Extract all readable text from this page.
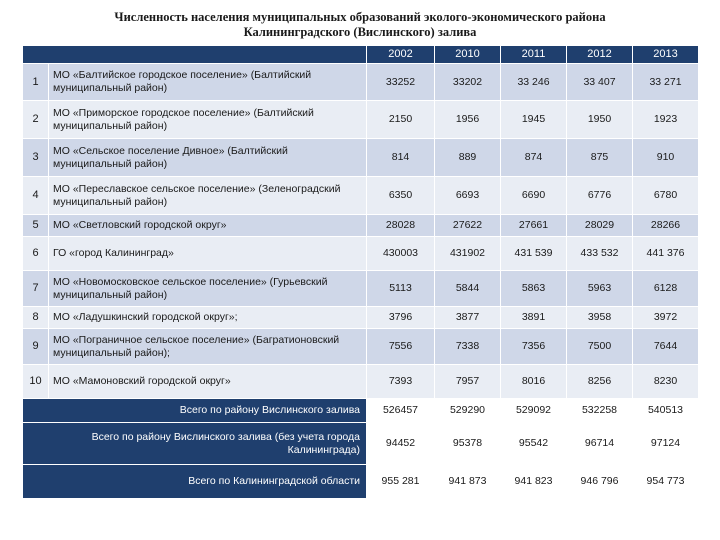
Численность населения муниципальных образований эколого-экономического района
Калининградского (Вислинского) залива
		2002	2010	2011	2012	2013
1	МО «Балтийское городское поселение» (Балтийский муниципальный район)	33252	33202	33 246	33 407	33 271
2	МО «Приморское городское поселение» (Балтийский муниципальный район)	2150	1956	1945	1950	1923
3	МО «Сельское поселение Дивное» (Балтийский муниципальный район)	814	889	874	875	910
4	МО «Переславское сельское поселение» (Зеленоградский муниципальный район)	6350	6693	6690	6776	6780
5	МО «Светловский городской округ»	28028	27622	27661	28029	28266
6	ГО «город Калининград»	430003	431902	431 539	433 532	441 376
7	МО «Новомосковское сельское поселение» (Гурьевский муниципальный район)	5113	5844	5863	5963	6128
8	МО «Ладушкинский городской округ»;	3796	3877	3891	3958	3972
9	МО «Пограничное сельское поселение» (Багратионовский муниципальный район);	7556	7338	7356	7500	7644
10	МО «Мамоновский городской округ»	7393	7957	8016	8256	8230
Всего по району Вислинского залива		526457	529290	529092	532258	540513
Всего по району Вислинского залива (без учета города Калининграда)		94452	95378	95542	96714	97124
Всего по Калининградской области		955 281	941 873	941 823	946 796	954 773
